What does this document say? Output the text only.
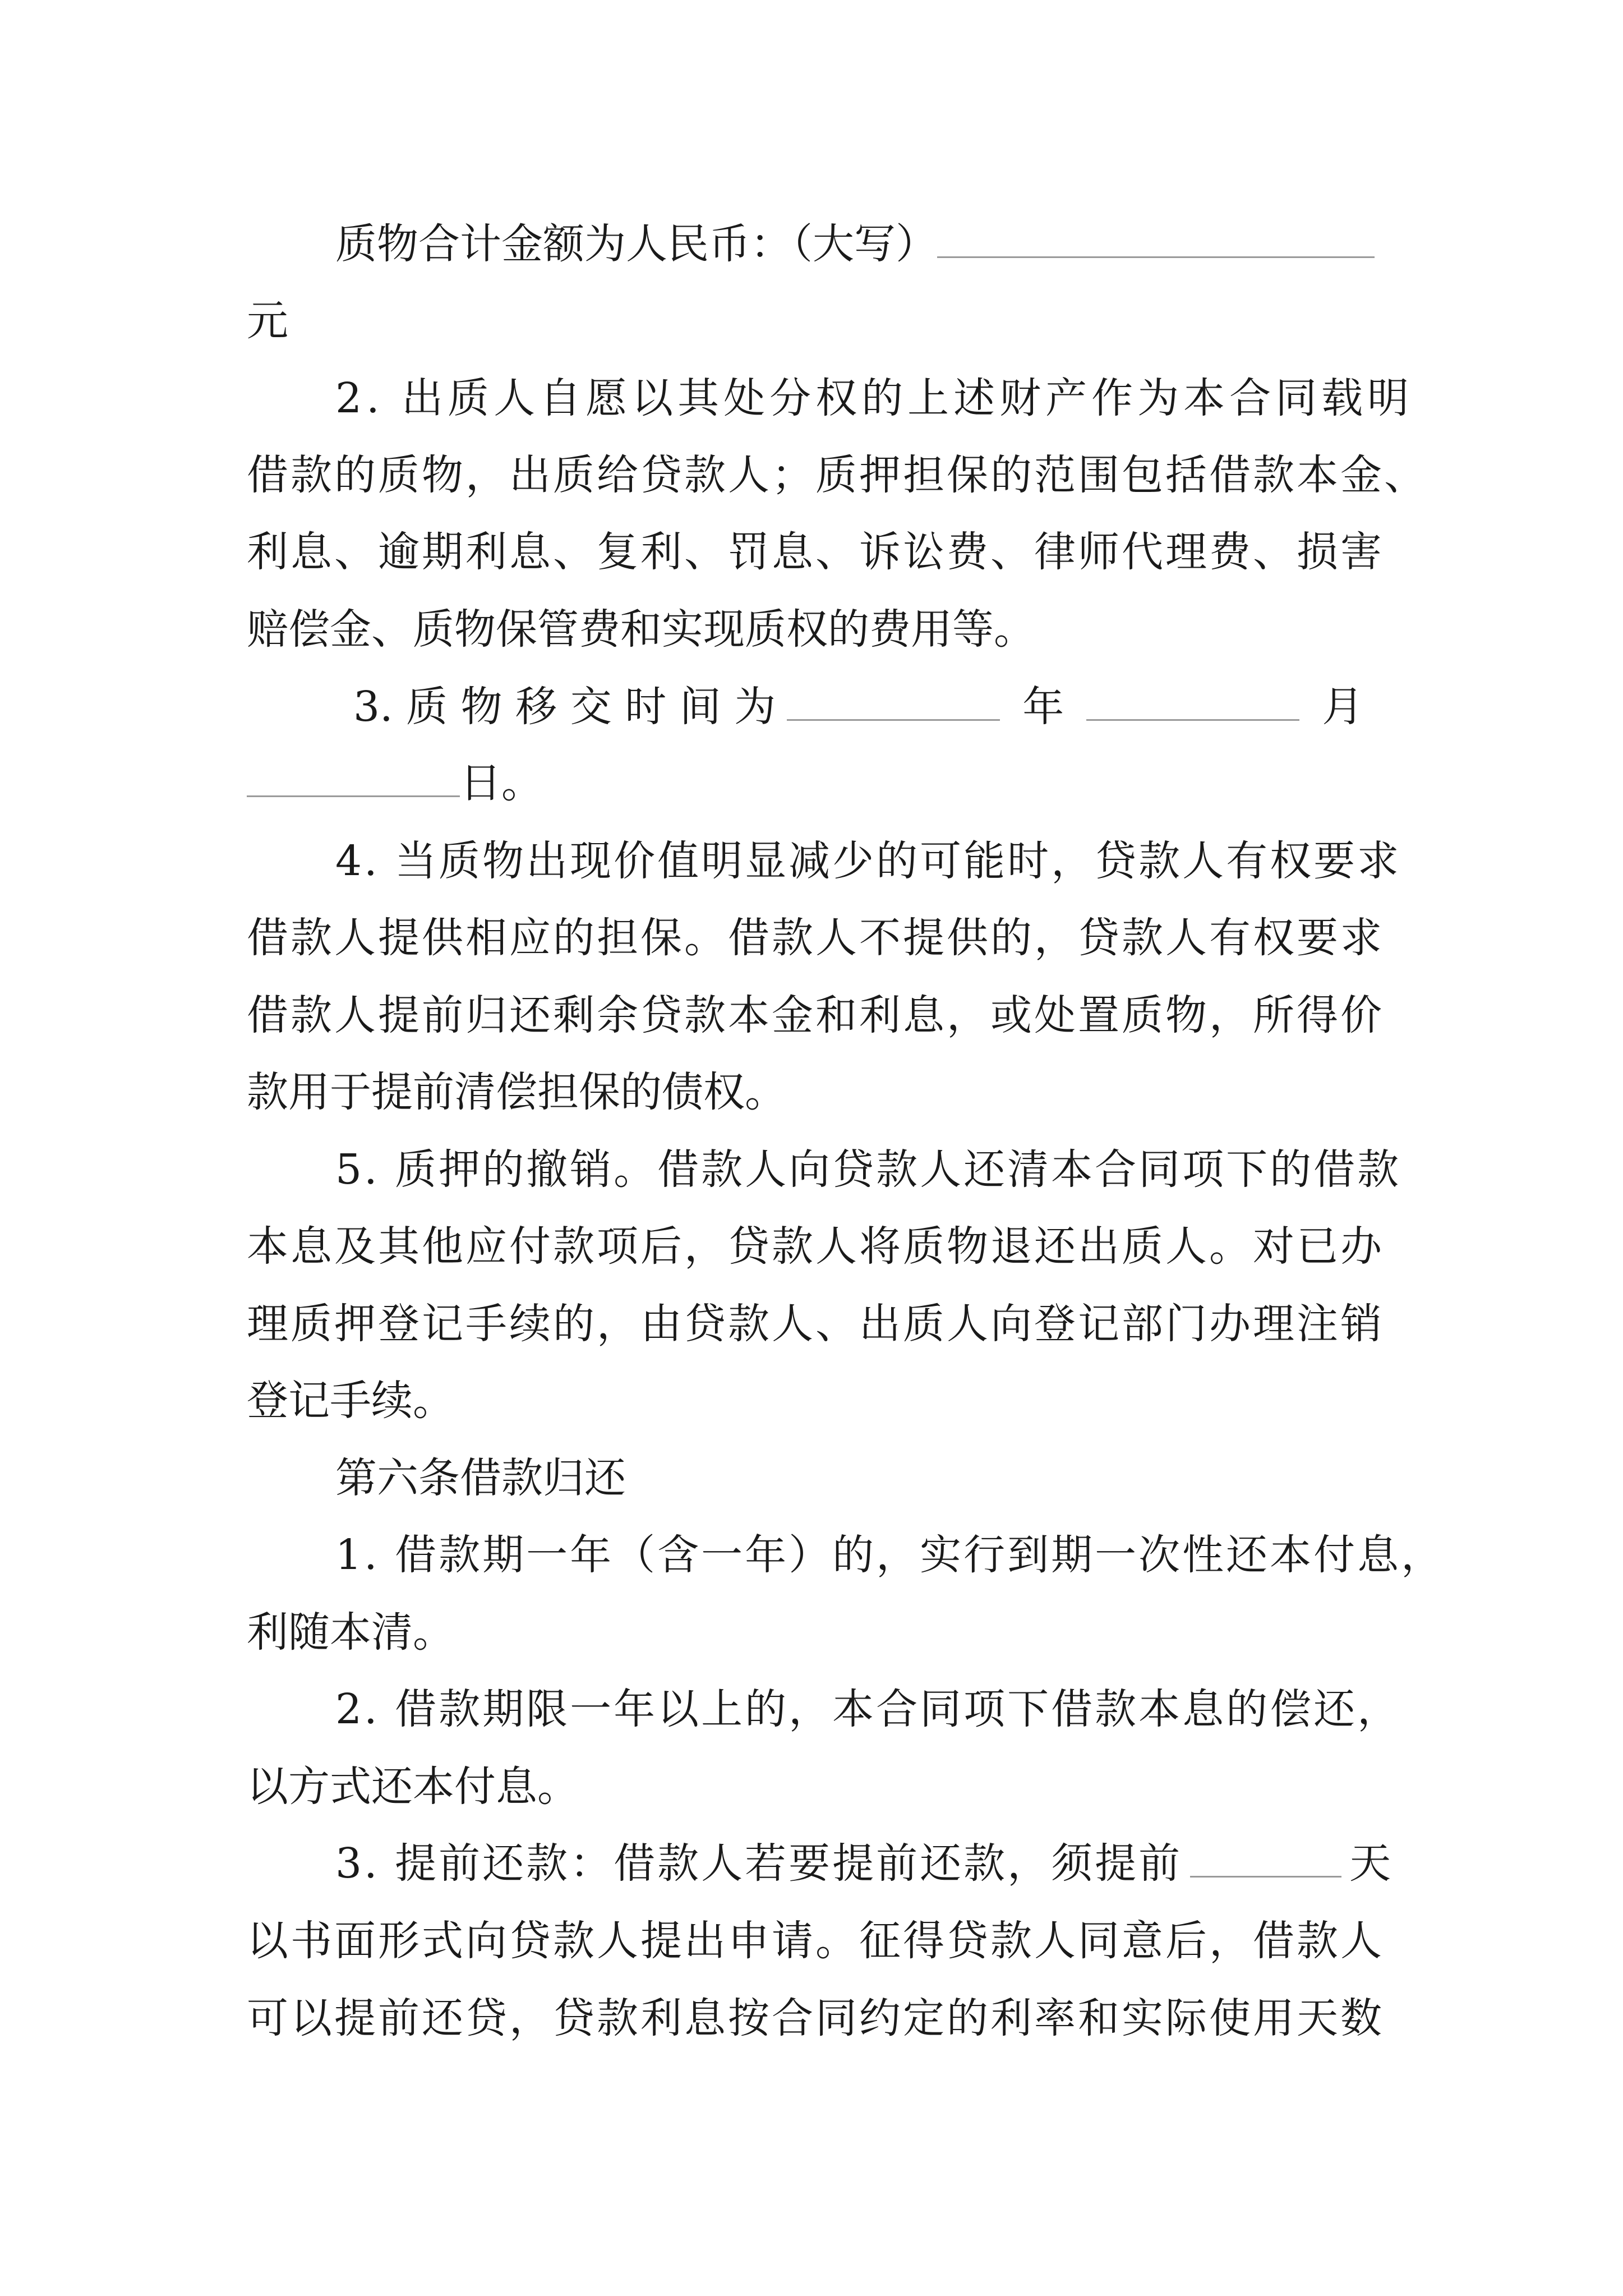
质物合计金额为人民币：（大写）
元
2. 出质人自愿以其处分权的上述财产作为本合同载明
借款的质物，出质给贷款人；质押担保的范围包括借款本金、
利息、逾期利息、复利、罚息、诉讼费、律师代理费、损害
赔偿金、质物保管费和实现质权的费用等。
3. 质 物 移 交 时 间 为	年	月
日。
4. 当质物出现价值明显减少的可能时，贷款人有权要求
借款人提供相应的担保。借款人不提供的，贷款人有权要求
借款人提前归还剩余贷款本金和利息，或处置质物，所得价
款用于提前清偿担保的债权。
5. 质押的撤销。借款人向贷款人还清本合同项下的借款
本息及其他应付款项后，贷款人将质物退还出质人。对已办
理质押登记手续的，由贷款人、出质人向登记部门办理注销
登记手续。
第六条借款归还
1. 借款期一年（含一年）的，实行到期一次性还本付息，
利随本清。
2. 借款期限一年以上的，本合同项下借款本息的偿还，
以方式还本付息。
3. 提前还款：借款人若要提前还款，须提前	天
以书面形式向贷款人提出申请。征得贷款人同意后，借款人
可以提前还贷，贷款利息按合同约定的利率和实际使用天数
